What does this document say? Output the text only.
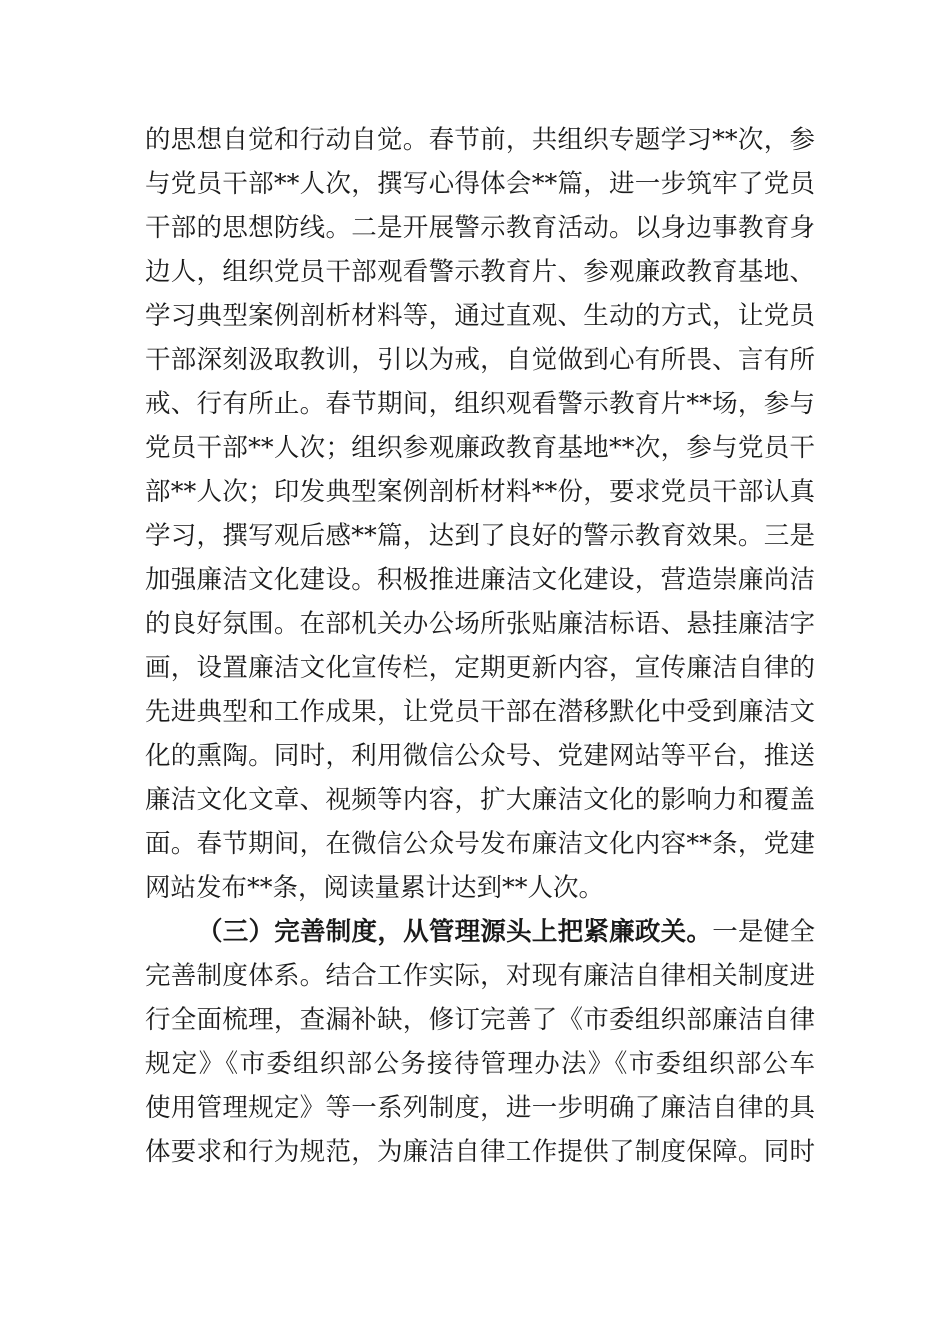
的思想自觉和行动自觉。春节前，共组织专题学习**次，参
与党员干部**人次，撰写心得体会**篇，进一步筑牢了党员
干部的思想防线。二是开展警示教育活动。以身边事教育身
边人，组织党员干部观看警示教育片、参观廉政教育基地、
学习典型案例剖析材料等，通过直观、生动的方式，让党员
干部深刻汲取教训，引以为戒，自觉做到心有所畏、言有所
戒、行有所止。春节期间，组织观看警示教育片**场，参与
党员干部**人次；组织参观廉政教育基地**次，参与党员干
部**人次；印发典型案例剖析材料**份，要求党员干部认真
学习，撰写观后感**篇，达到了良好的警示教育效果。三是
加强廉洁文化建设。积极推进廉洁文化建设，营造崇廉尚洁
的良好氛围。在部机关办公场所张贴廉洁标语、悬挂廉洁字
画，设置廉洁文化宣传栏，定期更新内容，宣传廉洁自律的
先进典型和工作成果，让党员干部在潜移默化中受到廉洁文
化的熏陶。同时，利用微信公众号、党建网站等平台，推送
廉洁文化文章、视频等内容，扩大廉洁文化的影响力和覆盖
面。春节期间，在微信公众号发布廉洁文化内容**条，党建
网站发布**条，阅读量累计达到**人次。
（三）完善制度，从管理源头上把紧廉政关。一是健全
完善制度体系。结合工作实际，对现有廉洁自律相关制度进
行全面梳理，查漏补缺，修订完善了《市委组织部廉洁自律
规定》《市委组织部公务接待管理办法》《市委组织部公车
使用管理规定》等一系列制度，进一步明确了廉洁自律的具
体要求和行为规范，为廉洁自律工作提供了制度保障。同时
